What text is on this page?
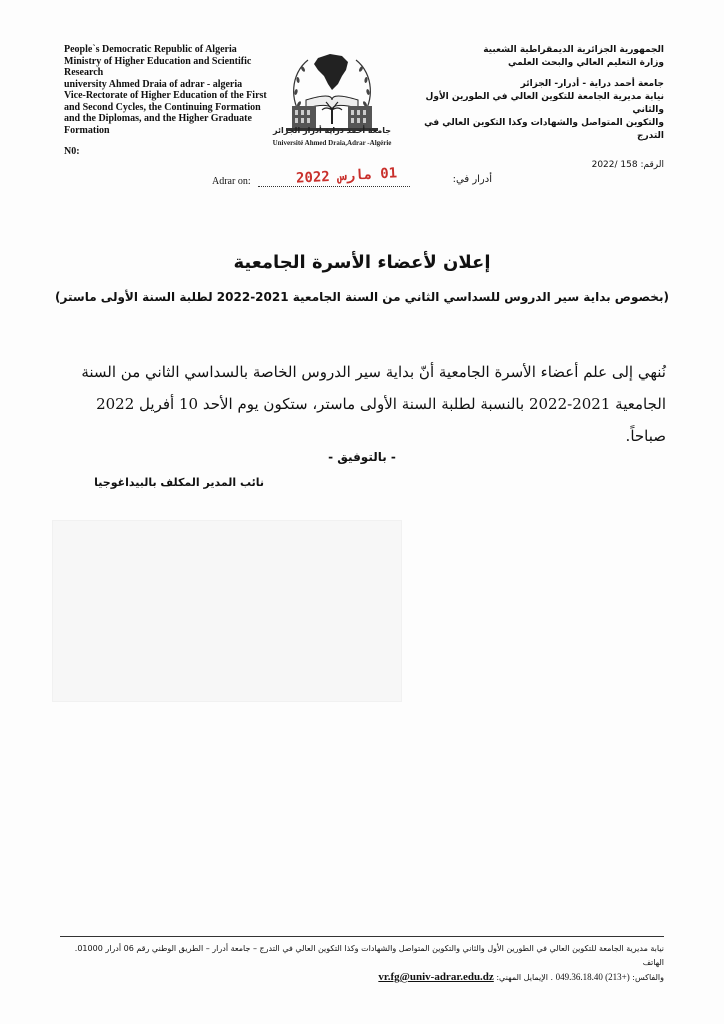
People`s Democratic Republic of Algeria
Ministry of Higher Education and Scientific Research
university Ahmed Draia of adrar - algeria
Vice-Rectorate of Higher Education of the First and Second Cycles, the Continuing Formation and the Diplomas, and the Higher Graduate Formation
N0:
جامعة أحمد دراية أدرار الجزائر
Université Ahmed Draia,Adrar -Algérie
الجمهورية الجزائرية الديمقراطية الشعبية
وزارة التعليم العالي والبحث العلمي
جامعة أحمد دراية - أدرار- الجزائر
نيابة مديرية الجامعة للتكوين العالي في الطورين الأول والثاني
والتكوين المتواصل والشهادات وكذا التكوين العالي في التدرج
الرقم: 158 /2022
Adrar on:	01 مارس 2022	أدرار في:
إعلان لأعضاء الأسرة الجامعية
(بخصوص بداية سير الدروس للسداسي الثاني من السنة الجامعية 2021-2022 لطلبة السنة الأولى ماستر)
نُنهي إلى علم أعضاء الأسرة الجامعية أنّ بداية سير الدروس الخاصة بالسداسي الثاني من السنة
الجامعية 2021-2022 بالنسبة لطلبة السنة الأولى ماستر، ستكون يوم الأحد 10 أفريل 2022 صباحاً.
- بالتوفيق -
نائب المدير المكلف بالبيداغوجيا
نيابة مديرية الجامعة للتكوين العالي في الطورين الأول والثاني والتكوين المتواصل والشهادات وكذا التكوين العالي في التدرج – جامعة أدرار – الطريق الوطني رقم 06 أدرار 01000. الهاتف
والفاكس: 049.36.18.40 (213+) . الإيمايل المهني: vr.fg@univ-adrar.edu.dz
